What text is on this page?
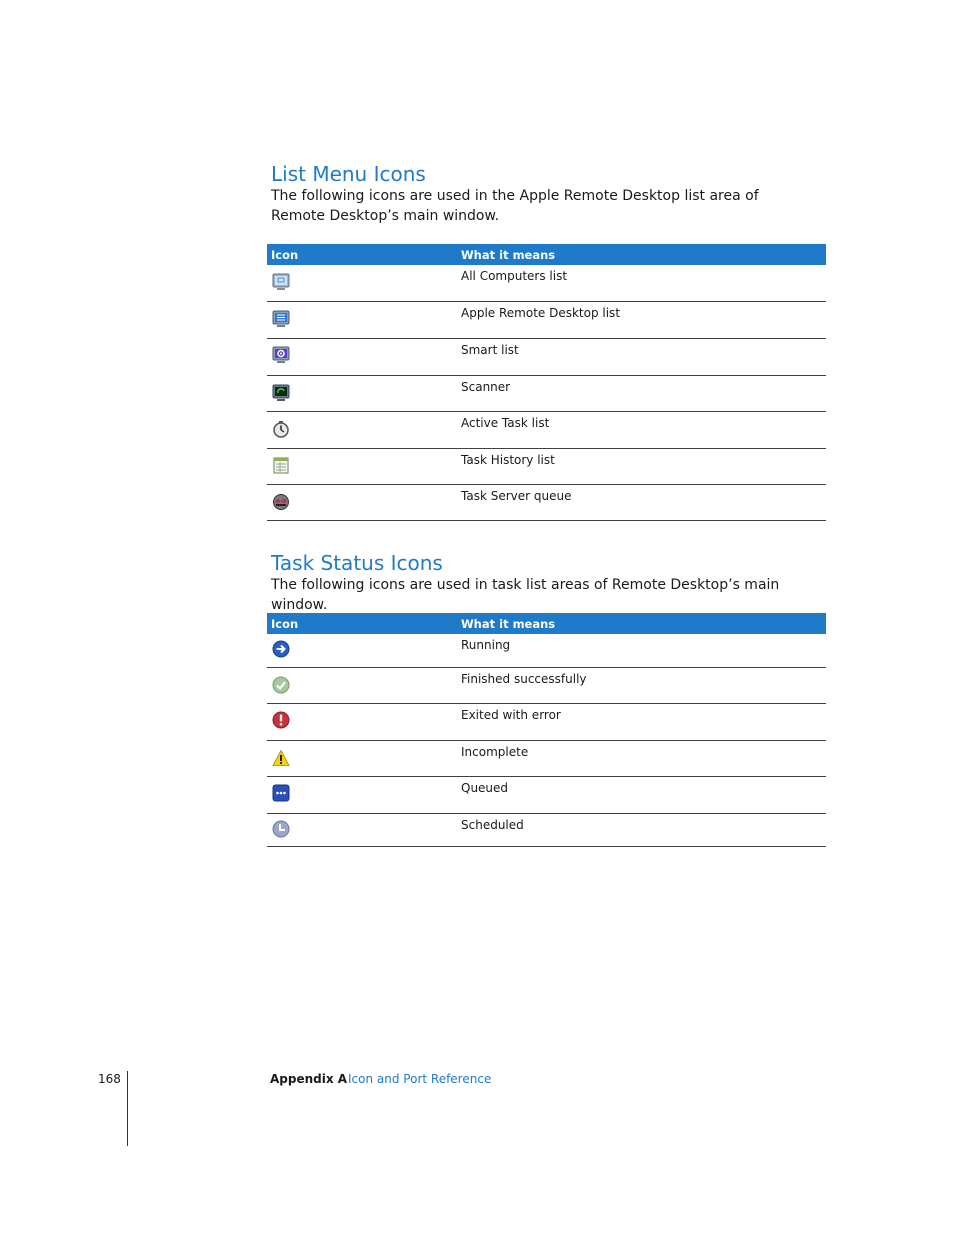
List Menu Icons

The following icons are used in the Apple Remote Desktop list area of Remote Desktop’s main window.

Icon	What it means

	All Computers list

	Apple Remote Desktop list

	Smart list

	Scanner

	Active Task list

	Task History list

	Task Server queue
Task Status Icons

The following icons are used in task list areas of Remote Desktop’s main window.

Icon	What it means

	Running

	Finished successfully

	Exited with error

	Incomplete

	Queued

	Scheduled
168	Appendix A Icon and Port Reference
